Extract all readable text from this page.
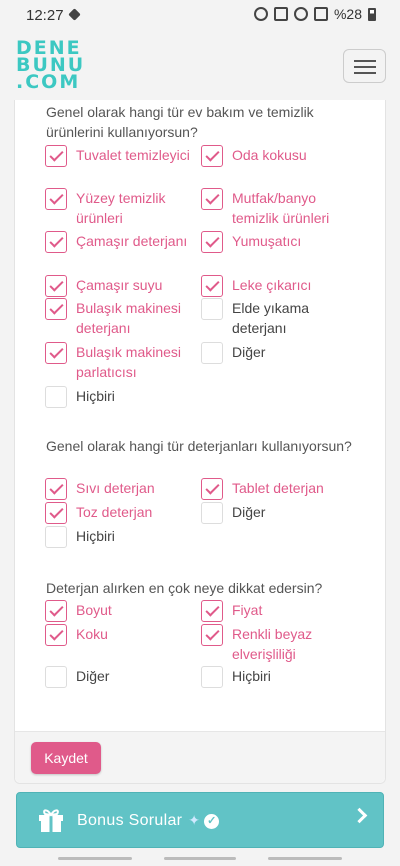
12:27	%28
DENE
BUNU
.COM
Genel olarak hangi tür ev bakım ve temizlik ürünlerini kullanıyorsun?
Tuvalet temizleyici	Oda kokusu
Yüzey temizlik ürünleri
Mutfak/banyo temizlik ürünleri
Çamaşır deterjanı	Yumuşatıcı
Çamaşır suyu	Leke çıkarıcı
Bulaşık makinesi deterjanı
Elde yıkama deterjanı
Bulaşık makinesi parlatıcısı
Diğer
Hiçbiri
Genel olarak hangi tür deterjanları kullanıyorsun?
Sıvı deterjan	Tablet deterjan
Toz deterjan	Diğer
Hiçbiri
Deterjan alırken en çok neye dikkat edersin?
Boyut	Fiyat
Koku	Renkli beyaz elverişliliği
Diğer	Hiçbiri
Kaydet
Bonus Sorular ✦ ✓
